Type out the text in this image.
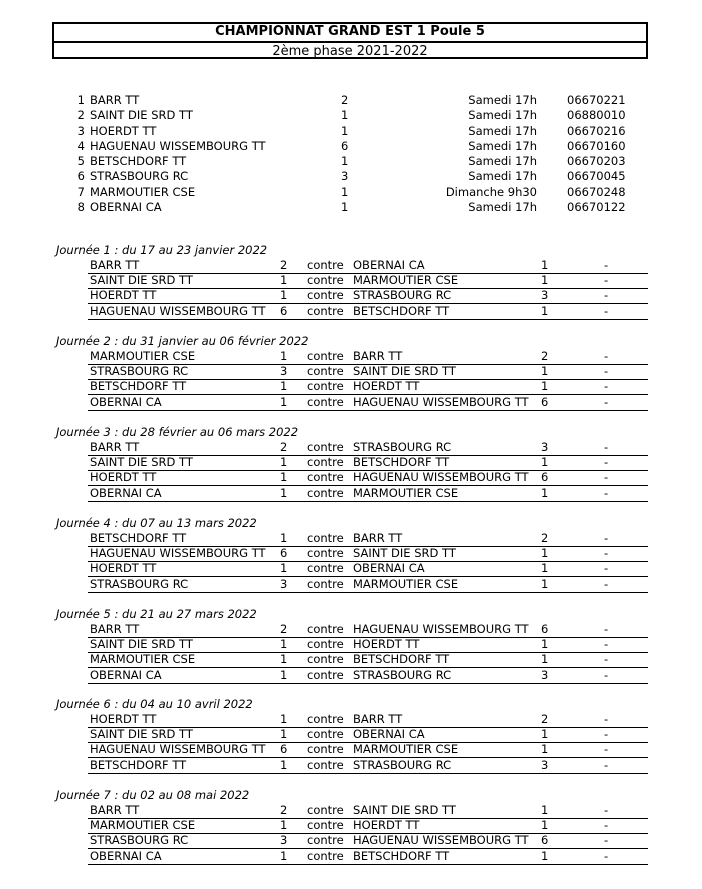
CHAMPIONNAT GRAND EST 1 Poule 5
2ème phase 2021-2022
1 BARR TT	2	Samedi 17h	06670221
2 SAINT DIE SRD TT	1	Samedi 17h	06880010
3 HOERDT TT	1	Samedi 17h	06670216
4 HAGUENAU WISSEMBOURG TT	6	Samedi 17h	06670160
5 BETSCHDORF TT	1	Samedi 17h	06670203
6 STRASBOURG RC	3	Samedi 17h	06670045
7 MARMOUTIER CSE	1	Dimanche 9h30	06670248
8 OBERNAI CA	1	Samedi 17h	06670122
Journée 1 : du 17 au 23 janvier 2022
BARR TT	2 contre OBERNAI CA	1	-
SAINT DIE SRD TT	1 contre MARMOUTIER CSE	1	-
HOERDT TT	1 contre STRASBOURG RC	3	-
HAGUENAU WISSEMBOURG TT 6 contre BETSCHDORF TT	1	-
Journée 2 : du 31 janvier au 06 février 2022
MARMOUTIER CSE	1 contre BARR TT	2	-
STRASBOURG RC	3 contre SAINT DIE SRD TT	1	-
BETSCHDORF TT	1 contre HOERDT TT	1	-
OBERNAI CA	1 contre HAGUENAU WISSEMBOURG TT 6	-
Journée 3 : du 28 février au 06 mars 2022
BARR TT	2 contre STRASBOURG RC	3	-
SAINT DIE SRD TT	1 contre BETSCHDORF TT	1	-
HOERDT TT	1 contre HAGUENAU WISSEMBOURG TT 6	-
OBERNAI CA	1 contre MARMOUTIER CSE	1	-
Journée 4 : du 07 au 13 mars 2022
BETSCHDORF TT	1 contre BARR TT	2	-
HAGUENAU WISSEMBOURG TT 6 contre SAINT DIE SRD TT	1	-
HOERDT TT	1 contre OBERNAI CA	1	-
STRASBOURG RC	3 contre MARMOUTIER CSE	1	-
Journée 5 : du 21 au 27 mars 2022
BARR TT	2 contre HAGUENAU WISSEMBOURG TT 6	-
SAINT DIE SRD TT	1 contre HOERDT TT	1	-
MARMOUTIER CSE	1 contre BETSCHDORF TT	1	-
OBERNAI CA	1 contre STRASBOURG RC	3	-
Journée 6 : du 04 au 10 avril 2022
HOERDT TT	1 contre BARR TT	2	-
SAINT DIE SRD TT	1 contre OBERNAI CA	1	-
HAGUENAU WISSEMBOURG TT 6 contre MARMOUTIER CSE	1	-
BETSCHDORF TT	1 contre STRASBOURG RC	3	-
Journée 7 : du 02 au 08 mai 2022
BARR TT	2 contre SAINT DIE SRD TT	1	-
MARMOUTIER CSE	1 contre HOERDT TT	1	-
STRASBOURG RC	3 contre HAGUENAU WISSEMBOURG TT 6	-
OBERNAI CA	1 contre BETSCHDORF TT	1	-
